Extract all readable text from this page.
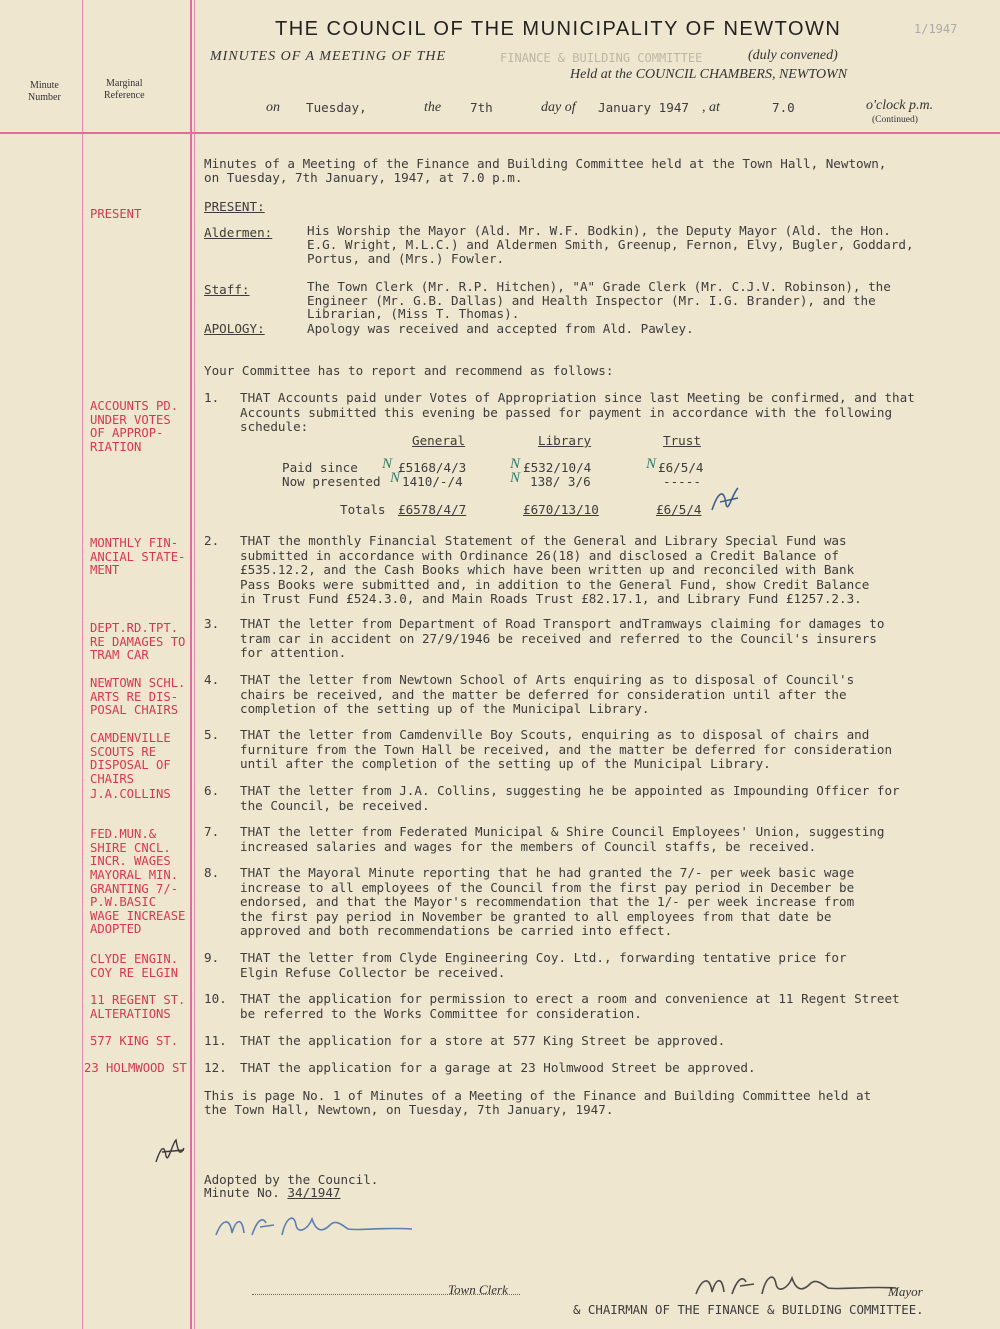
Minute
Number
Marginal
Reference
THE COUNCIL OF THE MUNICIPALITY OF NEWTOWN	1/1947
MINUTES OF A MEETING OF THE	FINANCE & BUILDING COMMITTEE	(duly convened)
Held at the COUNCIL CHAMBERS, NEWTOWN
on Tuesday,	the 7th	day of January 1947 , at	7.0	o'clock p.m.
(Continued)
Minutes of a Meeting of the Finance and Building Committee held at the Town Hall, Newtown,
on Tuesday, 7th January, 1947, at 7.0 p.m.
PRESENT	PRESENT:
Aldermen:	His Worship the Mayor (Ald. Mr. W.F. Bodkin), the Deputy Mayor (Ald. the Hon.
E.G. Wright, M.L.C.) and Aldermen Smith, Greenup, Fernon, Elvy, Bugler, Goddard,
Portus, and (Mrs.) Fowler.
Staff:	The Town Clerk (Mr. R.P. Hitchen), "A" Grade Clerk (Mr. C.J.V. Robinson), the
Engineer (Mr. G.B. Dallas) and Health Inspector (Mr. I.G. Brander), and the
Librarian, (Miss T. Thomas).
APOLOGY:	Apology was received and accepted from Ald. Pawley.
Your Committee has to report and recommend as follows:
ACCOUNTS PD.
UNDER VOTES
OF APPROP-
RIATION
1. THAT Accounts paid under Votes of Appropriation since last Meeting be confirmed, and that
Accounts submitted this evening be passed for payment in accordance with the following
schedule:
General	Library	Trust
Paid since N £5168/4/3	N £532/10/4	N £6/5/4
Now presented N 1410/-/4	N 138/ 3/6	-----
Totals £6578/4/7	£670/13/10	£6/5/4
MONTHLY FIN-
ANCIAL STATE-
MENT
2. THAT the monthly Financial Statement of the General and Library Special Fund was
submitted in accordance with Ordinance 26(18) and disclosed a Credit Balance of
£535.12.2, and the Cash Books which have been written up and reconciled with Bank
Pass Books were submitted and, in addition to the General Fund, show Credit Balance
in Trust Fund £524.3.0, and Main Roads Trust £82.17.1, and Library Fund £1257.2.3.
DEPT.RD.TPT.
RE DAMAGES TO
TRAM CAR
3. THAT the letter from Department of Road Transport andTramways claiming for damages to
tram car in accident on 27/9/1946 be received and referred to the Council's insurers
for attention.
NEWTOWN SCHL.
ARTS RE DIS-
POSAL CHAIRS
4. THAT the letter from Newtown School of Arts enquiring as to disposal of Council's
chairs be received, and the matter be deferred for consideration until after the
completion of the setting up of the Municipal Library.
CAMDENVILLE
SCOUTS RE
DISPOSAL OF
CHAIRS
5. THAT the letter from Camdenville Boy Scouts, enquiring as to disposal of chairs and
furniture from the Town Hall be received, and the matter be deferred for consideration
until after the completion of the setting up of the Municipal Library.
J.A.COLLINS	6. THAT the letter from J.A. Collins, suggesting he be appointed as Impounding Officer for
the Council, be received.
FED.MUN.&
SHIRE CNCL.
INCR. WAGES
7. THAT the letter from Federated Municipal & Shire Council Employees' Union, suggesting
increased salaries and wages for the members of Council staffs, be received.
MAYORAL MIN.
GRANTING 7/-
P.W.BASIC
WAGE INCREASE
ADOPTED
8. THAT the Mayoral Minute reporting that he had granted the 7/- per week basic wage
increase to all employees of the Council from the first pay period in December be
endorsed, and that the Mayor's recommendation that the 1/- per week increase from
the first pay period in November be granted to all employees from that date be
approved and both recommendations be carried into effect.
CLYDE ENGIN.
COY RE ELGIN
9. THAT the letter from Clyde Engineering Coy. Ltd., forwarding tentative price for
Elgin Refuse Collector be received.
11 REGENT ST.
ALTERATIONS
10. THAT the application for permission to erect a room and convenience at 11 Regent Street
be referred to the Works Committee for consideration.
577 KING ST. 11. THAT the application for a store at 577 King Street be approved.
23 HOLMWOOD ST 12. THAT the application for a garage at 23 Holmwood Street be approved.
This is page No. 1 of Minutes of a Meeting of the Finance and Building Committee held at
the Town Hall, Newtown, on Tuesday, 7th January, 1947.
Adopted by the Council.
Minute No. 34/1947
Town Clerk	Mayor
& CHAIRMAN OF THE FINANCE & BUILDING COMMITTEE.
